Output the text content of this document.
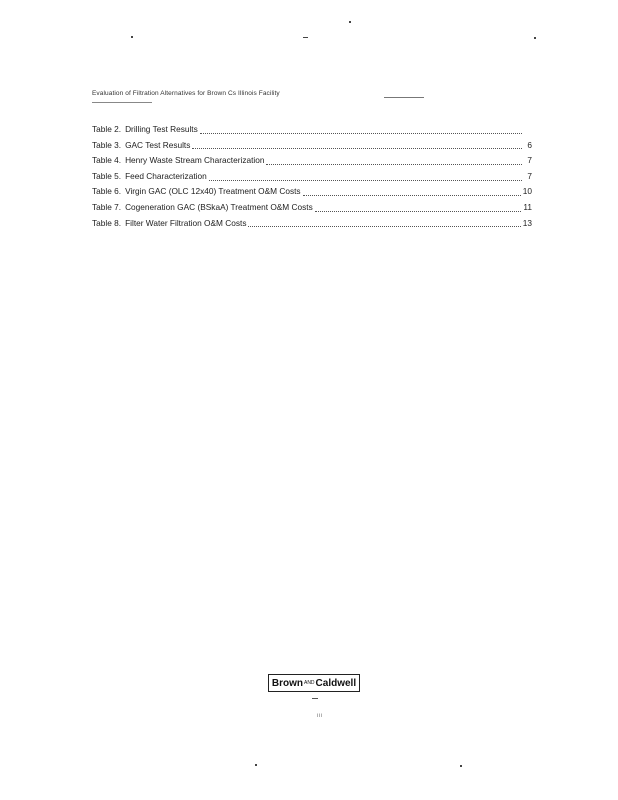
Evaluation of Filtration Alternatives for Brown Cs Illinois Facility
Table 2. Drilling Test Results
Table 3. GAC Test Results	6
Table 4. Henry Waste Stream Characterization	7
Table 5. Feed Characterization	7
Table 6. Virgin GAC (OLC 12x40) Treatment O&M Costs	10
Table 7. Cogeneration GAC (BSkaA) Treatment O&M Costs	11
Table 8. Filter Water Filtration O&M Costs	13
Brown AND Caldwell
iii
